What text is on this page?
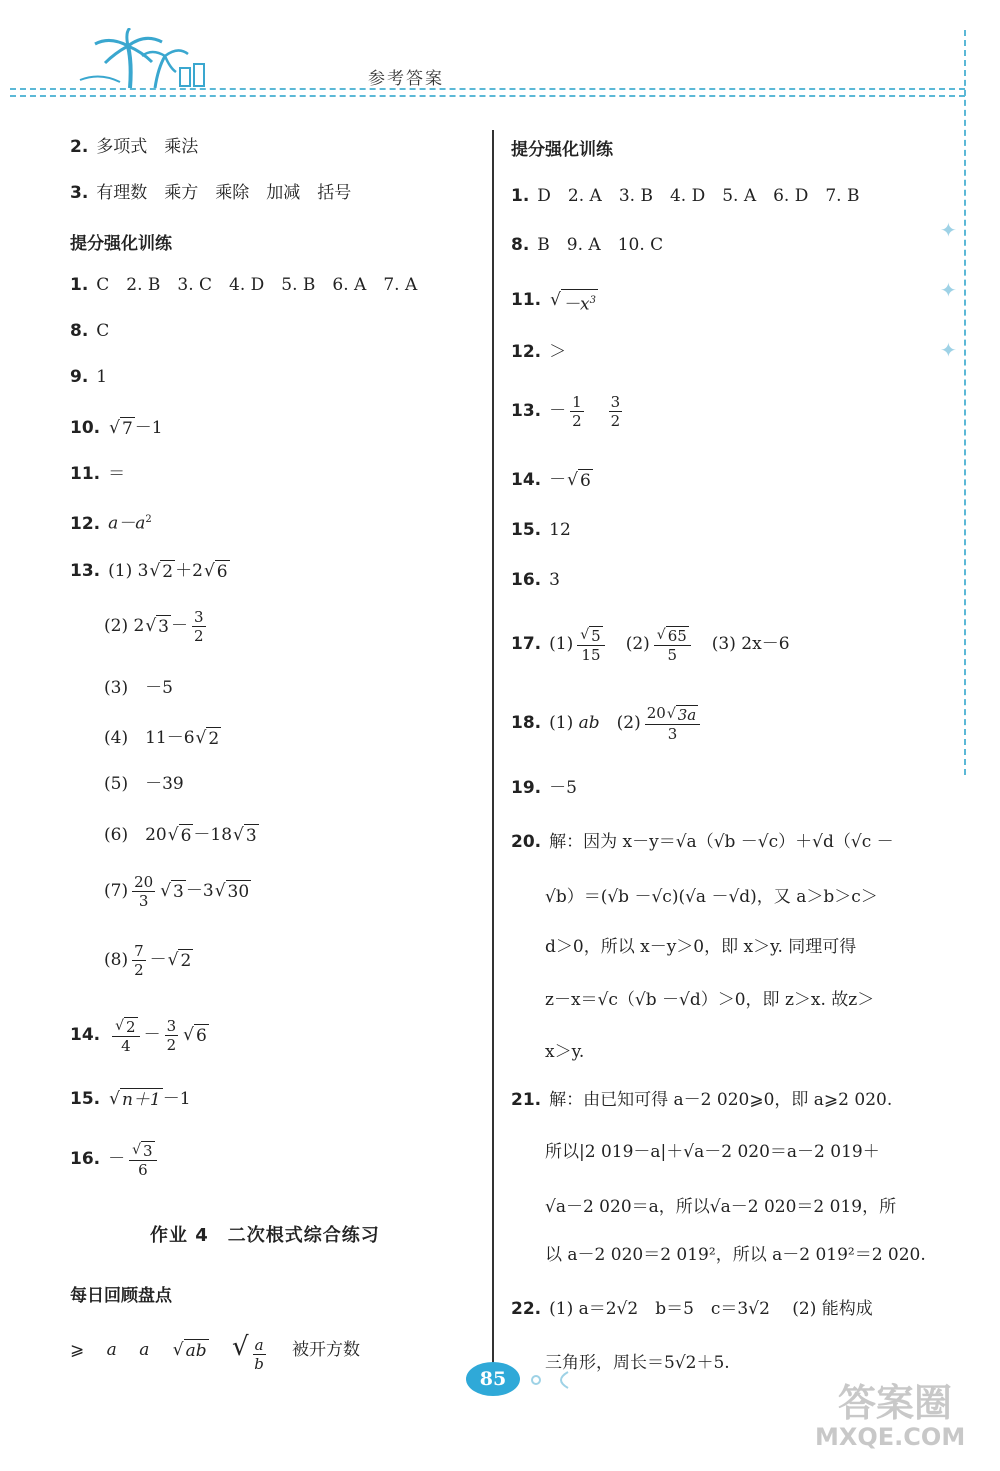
参考答案
✦
✦
✦
2. 多项式　乘法
3. 有理数　乘方　乘除　加减　括号
提分强化训练
1. C　2. B　3. C　4. D　5. B　6. A　7. A
8. C
9. 1
10. √ 7 －1
11. ＝
12. $a-a^2$
13. (1) 3 √ 2 ＋2 √ 6
(2) 2 √ $3 - \frac{3}{2}$
(3)　 －5
(4)　 11－6 √ 2
(5)　 －39
(6)　 20 √ 6 －18 √ 3
$(7) \frac{20}{3}$ √ 3 －3 √ 30
$(8) \frac{7}{2}$ － √ 2
14. $\frac{√ 2}{4} - \frac{3}{2}$ √ 6
15. √ n＋1 －1
16. － $\frac{√ 3}{6}$
作业 4　二次根式综合练习
每日回顾盘点
⩾　 a　 a　 √ ab
　 √ $\frac{a}{b}$
　 被开方数
提分强化训练
1. D　2. A　3. B　4. D　5. A　6. D　7. B
8. B　9. A　10. C
11. √ $-x^3$
12. ＞
13. － $\frac{1}{2}$
　 $\frac{3}{2}$
14. － √ 6
15. 12
16. 3
17. $(1) \frac{√ 5}{15}$
　 $(2) \frac{√ 65}{5}$
　 (3) 2x－6
18. (1) ab　 $(2) \frac{20 √ 3a}{3}$
19. －5
20. 解：因为 x－y＝√a（√b －√c）＋√d（√c －
√b）＝(√b －√c)(√a －√d)，又 a＞b＞c＞
d＞0，所以 x－y＞0，即 x＞y. 同理可得
z－x＝√c（√b －√d）＞0，即 z＞x. 故z＞
x＞y.
21. 解：由已知可得 a－2 020⩾0，即 a⩾2 020.
所以|2 019－a|＋√a－2 020＝a－2 019＋
√a－2 020＝a，所以√a－2 020＝2 019，所
以 a－2 020＝2 019²，所以 a－2 019²＝2 020.
22. (1) a＝2√2　b＝5　c＝3√2　 (2) 能构成
三角形，周长＝5√2＋5.
85
答案圈
MXQE.COM
